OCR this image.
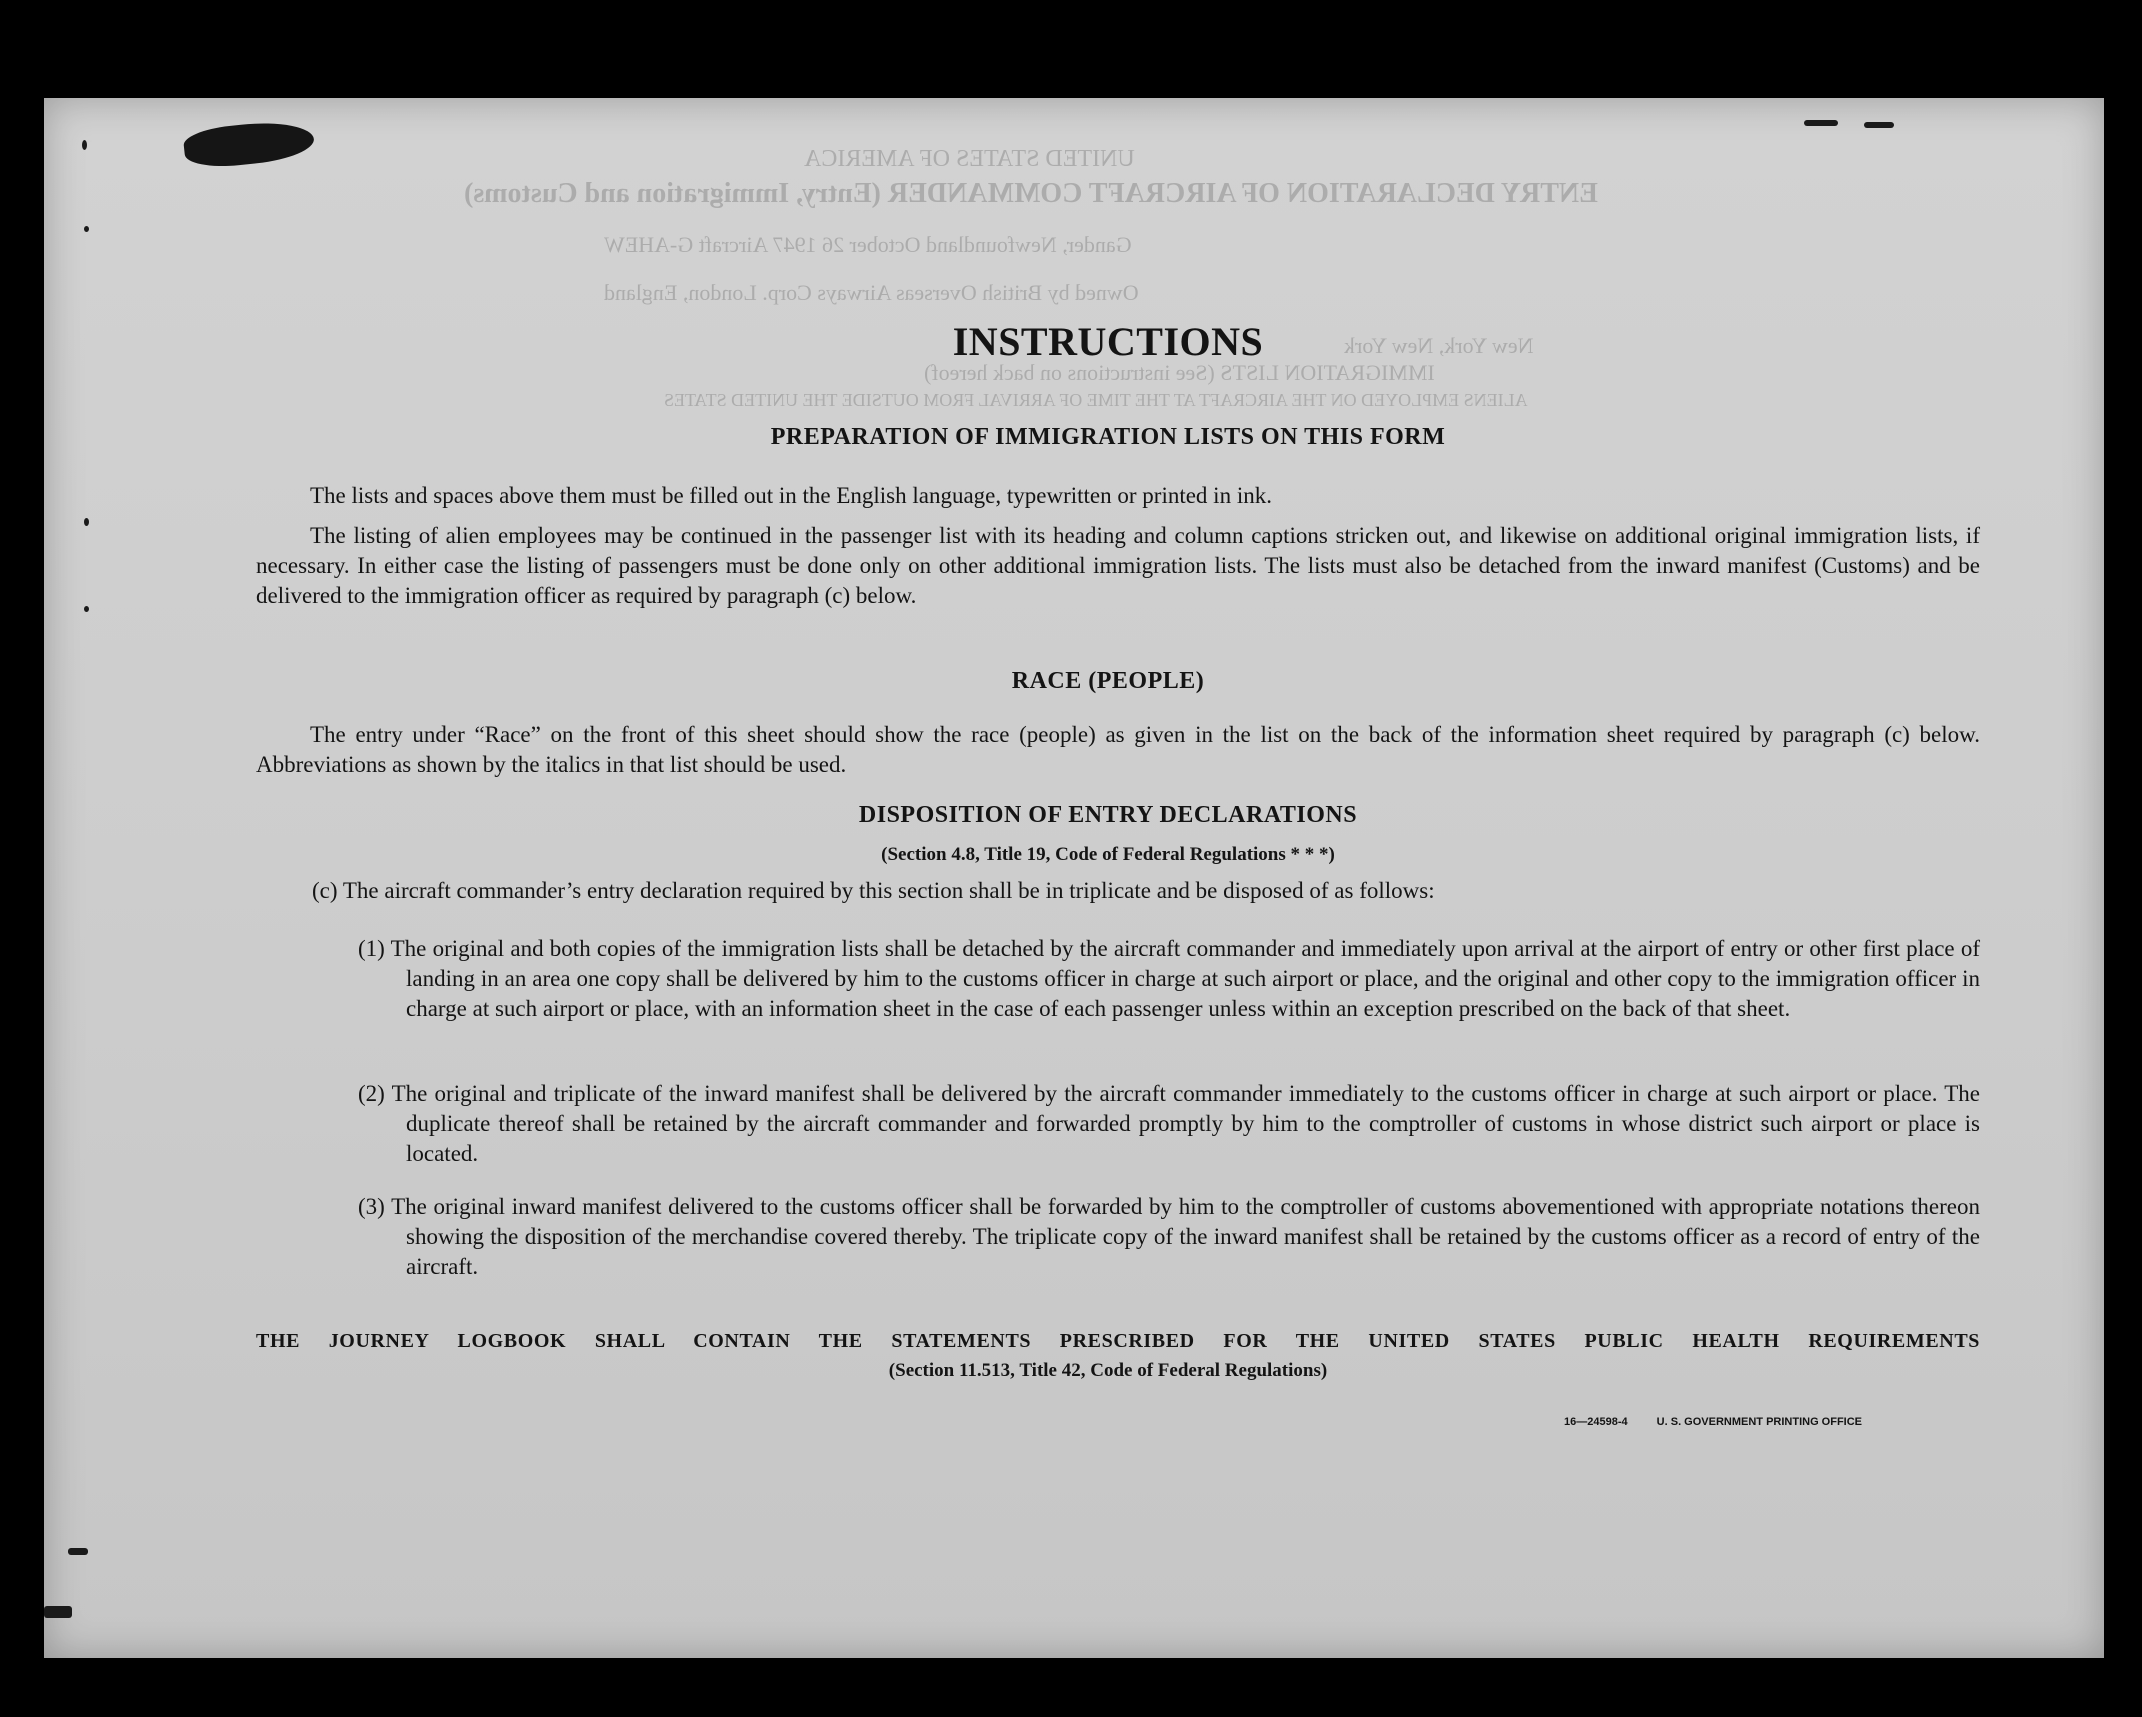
UNITED STATES OF AMERICA
ENTRY DECLARATION OF AIRCRAFT COMMANDER (Entry, Immigration and Customs)
Gander, Newfoundland October 26 1947 Aircraft G-AHEW
Owned by British Overseas Airways Corp. London, England
New York, New York
IMMIGRATION LISTS (See instructions on back hereof)
ALIENS EMPLOYED ON THE AIRCRAFT AT THE TIME OF ARRIVAL FROM OUTSIDE THE UNITED STATES
INSTRUCTIONS
PREPARATION OF IMMIGRATION LISTS ON THIS FORM
The lists and spaces above them must be filled out in the English language, typewritten or printed in ink.
The listing of alien employees may be continued in the passenger list with its heading and column captions stricken out, and likewise on additional original immigration lists, if necessary. In either case the listing of passengers must be done only on other additional immigration lists. The lists must also be detached from the inward manifest (Customs) and be delivered to the immigration officer as required by paragraph (c) below.
RACE (PEOPLE)
The entry under “Race” on the front of this sheet should show the race (people) as given in the list on the back of the information sheet required by paragraph (c) below. Abbreviations as shown by the italics in that list should be used.
DISPOSITION OF ENTRY DECLARATIONS
(Section 4.8, Title 19, Code of Federal Regulations * * *)
(c) The aircraft commander’s entry declaration required by this section shall be in triplicate and be disposed of as follows:
(1) The original and both copies of the immigration lists shall be detached by the aircraft commander and immediately upon arrival at the airport of entry or other first place of landing in an area one copy shall be delivered by him to the customs officer in charge at such airport or place, and the original and other copy to the immigration officer in charge at such airport or place, with an information sheet in the case of each passenger unless within an exception prescribed on the back of that sheet.
(2) The original and triplicate of the inward manifest shall be delivered by the aircraft commander immediately to the customs officer in charge at such airport or place. The duplicate thereof shall be retained by the aircraft commander and forwarded promptly by him to the comptroller of customs in whose district such airport or place is located.
(3) The original inward manifest delivered to the customs officer shall be forwarded by him to the comptroller of customs abovementioned with appropriate notations thereon showing the disposition of the merchandise covered thereby. The triplicate copy of the inward manifest shall be retained by the customs officer as a record of entry of the aircraft.
THE JOURNEY LOGBOOK SHALL CONTAIN THE STATEMENTS PRESCRIBED FOR THE UNITED STATES PUBLIC HEALTH REQUIREMENTS
(Section 11.513, Title 42, Code of Federal Regulations)
16—24598-4	U. S. GOVERNMENT PRINTING OFFICE
